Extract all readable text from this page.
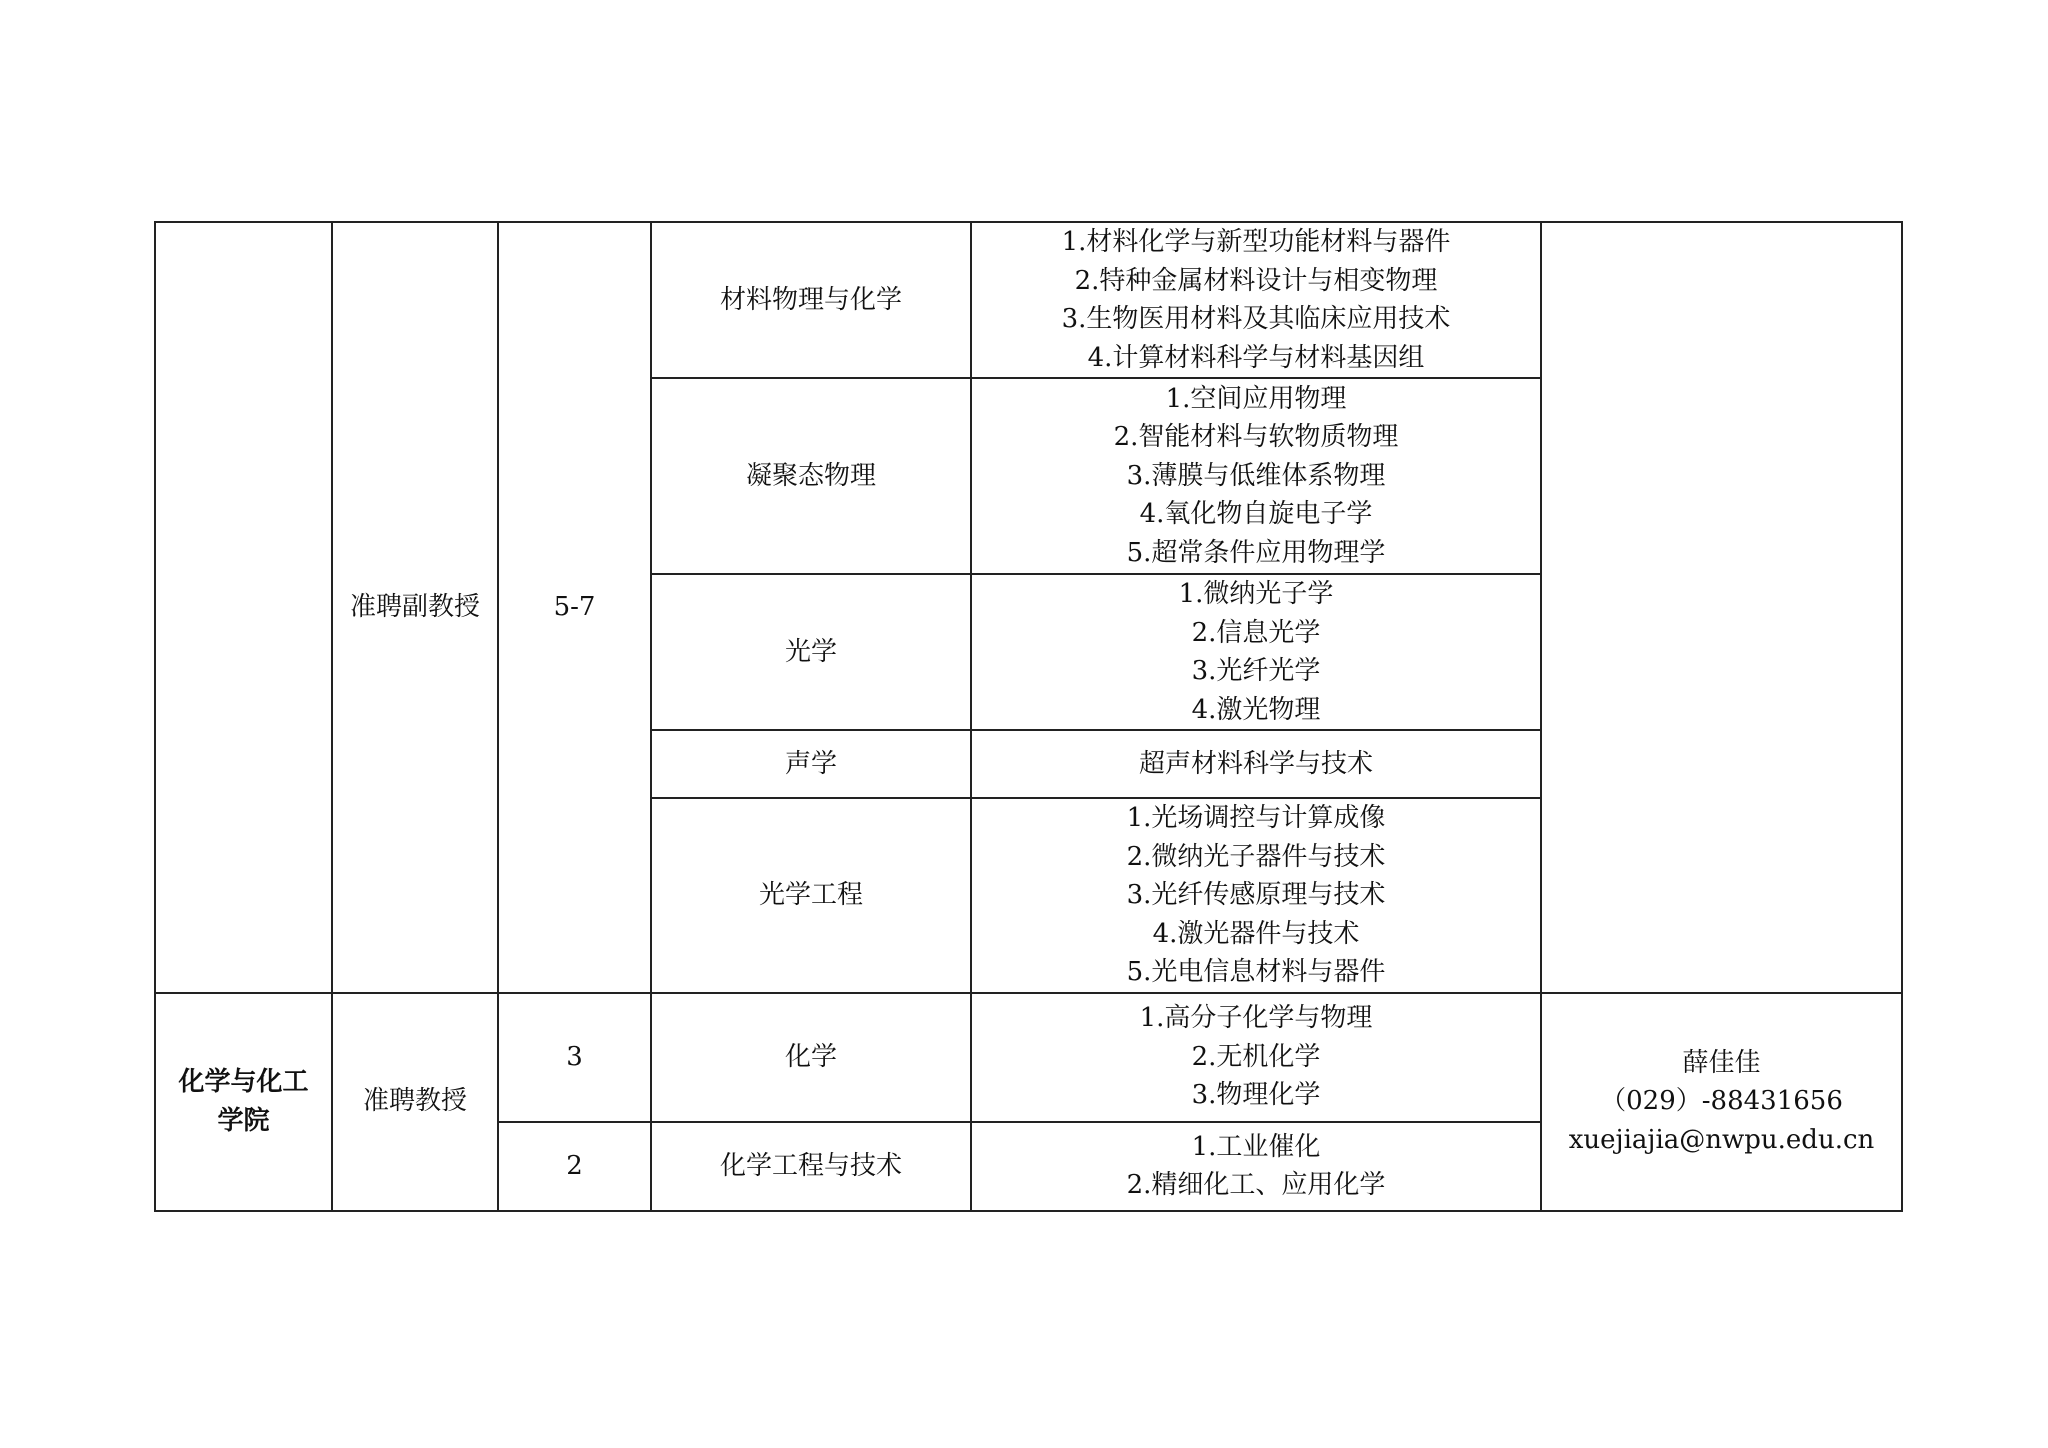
	准聘副教授	5-7	材料物理与化学	1.材料化学与新型功能材料与器件
2.特种金属材料设计与相变物理
3.生物医用材料及其临床应用技术
4.计算材料科学与材料基因组	

			凝聚态物理	1.空间应用物理
2.智能材料与软物质物理
3.薄膜与低维体系物理
4.氧化物自旋电子学
5.超常条件应用物理学	

			光学	1.微纳光子学
2.信息光学
3.光纤光学
4.激光物理	

			声学	超声材料科学与技术	

			光学工程	1.光场调控与计算成像
2.微纳光子器件与技术
3.光纤传感原理与技术
4.激光器件与技术
5.光电信息材料与器件	

化学与化工
学院	准聘教授	3	化学	1.高分子化学与物理
2.无机化学
3.物理化学	薛佳佳
（029）-88431656
xuejiajia@nwpu.edu.cn

		2	化学工程与技术	1.工业催化
2.精细化工、应用化学	
